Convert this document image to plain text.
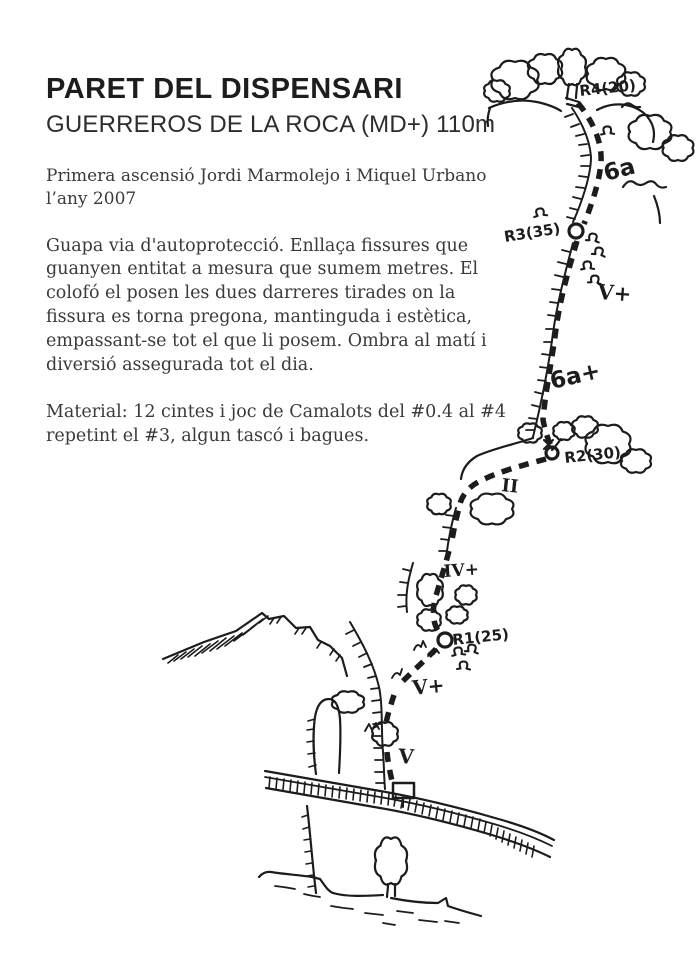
PARET DEL DISPENSARI
GUERREROS DE LA ROCA (MD+) 110m

Primera ascensió Jordi Marmolejo i Miquel Urbano l’any 2007

Guapa via d'autoprotecció. Enllaça fissures que guanyen entitat a mesura que sumem metres. El colofó el posen les dues darreres tirades on la fissura es torna pregona, mantinguda i estètica, empassant-se tot el que li posem. Ombra al matí i diversió assegurada tot el dia.

Material: 12 cintes i joc de Camalots del #0.4 al #4 repetint el #3, algun tascó i bagues.

R4(20)
6a
R3(35)
V+
6a+
R2(30)
II
IV+
R1(25)
V+
V
